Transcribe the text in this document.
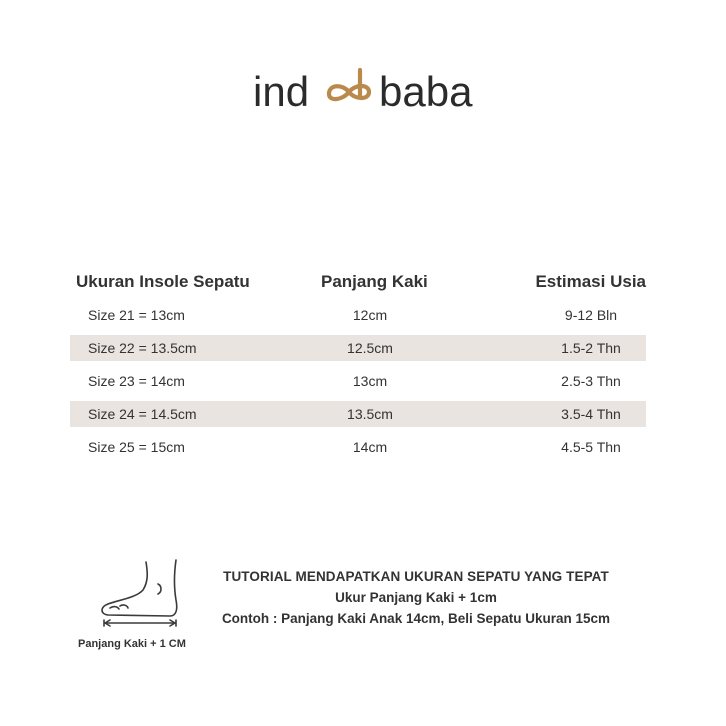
ind baba
Ukuran Insole Sepatu	Panjang Kaki	Estimasi Usia
Size 21 = 13cm	12cm	9-12 Bln
Size 22 = 13.5cm	12.5cm	1.5-2 Thn
Size 23 = 14cm	13cm	2.5-3 Thn
Size 24 = 14.5cm	13.5cm	3.5-4 Thn
Size 25 = 15cm	14cm	4.5-5 Thn
Panjang Kaki + 1 CM
TUTORIAL MENDAPATKAN UKURAN SEPATU YANG TEPAT
Ukur Panjang Kaki + 1cm
Contoh : Panjang Kaki Anak 14cm, Beli Sepatu Ukuran 15cm
